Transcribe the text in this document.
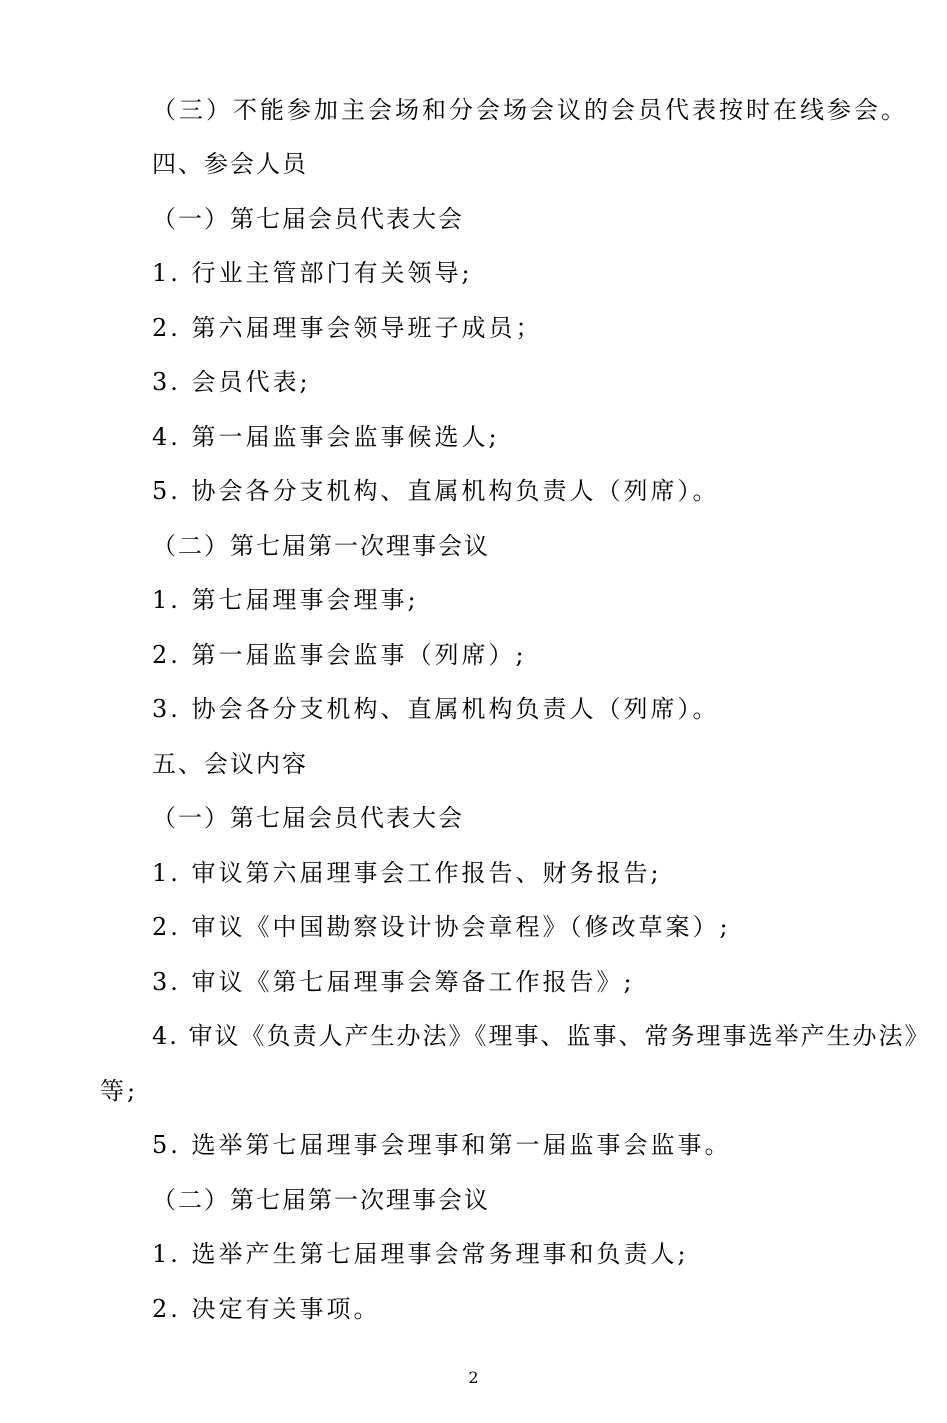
（三）不能参加主会场和分会场会议的会员代表按时在线参会。
四、参会人员
（一）第七届会员代表大会
1. 行业主管部门有关领导;
2. 第六届理事会领导班子成员；
3. 会员代表;
4. 第一届监事会监事候选人;
5. 协会各分支机构、直属机构负责人（列席）。
（二）第七届第一次理事会议
1. 第七届理事会理事;
2. 第一届监事会监事（列席）;
3. 协会各分支机构、直属机构负责人（列席）。
五、会议内容
（一）第七届会员代表大会
1. 审议第六届理事会工作报告、财务报告;
2. 审议《中国勘察设计协会章程》（修改草案）;
3. 审议《第七届理事会筹备工作报告》;
4. 审议《负责人产生办法》《理事、监事、常务理事选举产生办法》
等;
5. 选举第七届理事会理事和第一届监事会监事。
（二）第七届第一次理事会议
1. 选举产生第七届理事会常务理事和负责人;
2. 决定有关事项。
2
